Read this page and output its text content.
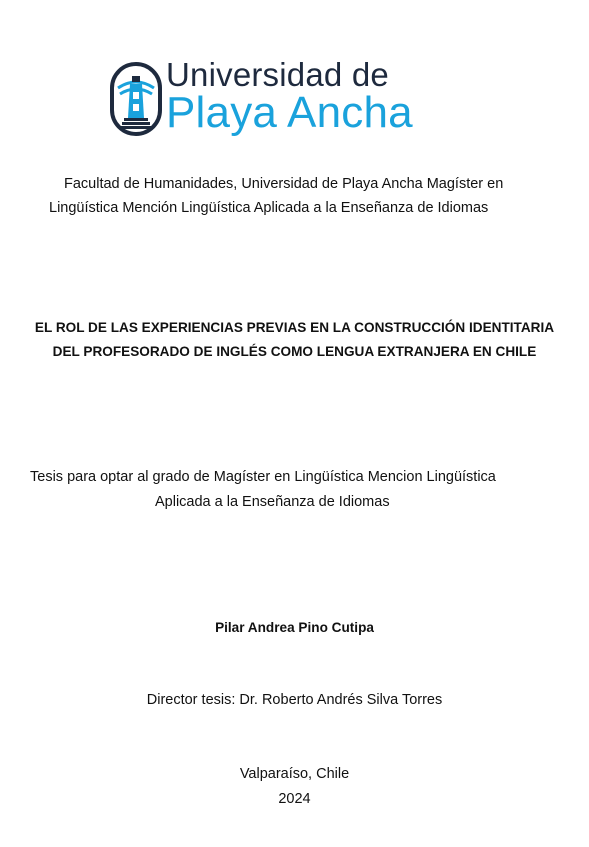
Universidad de
Playa Ancha
Facultad de Humanidades, Universidad de Playa Ancha Magíster en
Lingüística Mención Lingüística Aplicada a la Enseñanza de Idiomas
EL ROL DE LAS EXPERIENCIAS PREVIAS EN LA CONSTRUCCIÓN IDENTITARIA
DEL PROFESORADO DE INGLÉS COMO LENGUA EXTRANJERA EN CHILE
Tesis para optar al grado de Magíster en Lingüística Mencion Lingüística
Aplicada a la Enseñanza de Idiomas
Pilar Andrea Pino Cutipa
Director tesis: Dr. Roberto Andrés Silva Torres
Valparaíso, Chile
2024
